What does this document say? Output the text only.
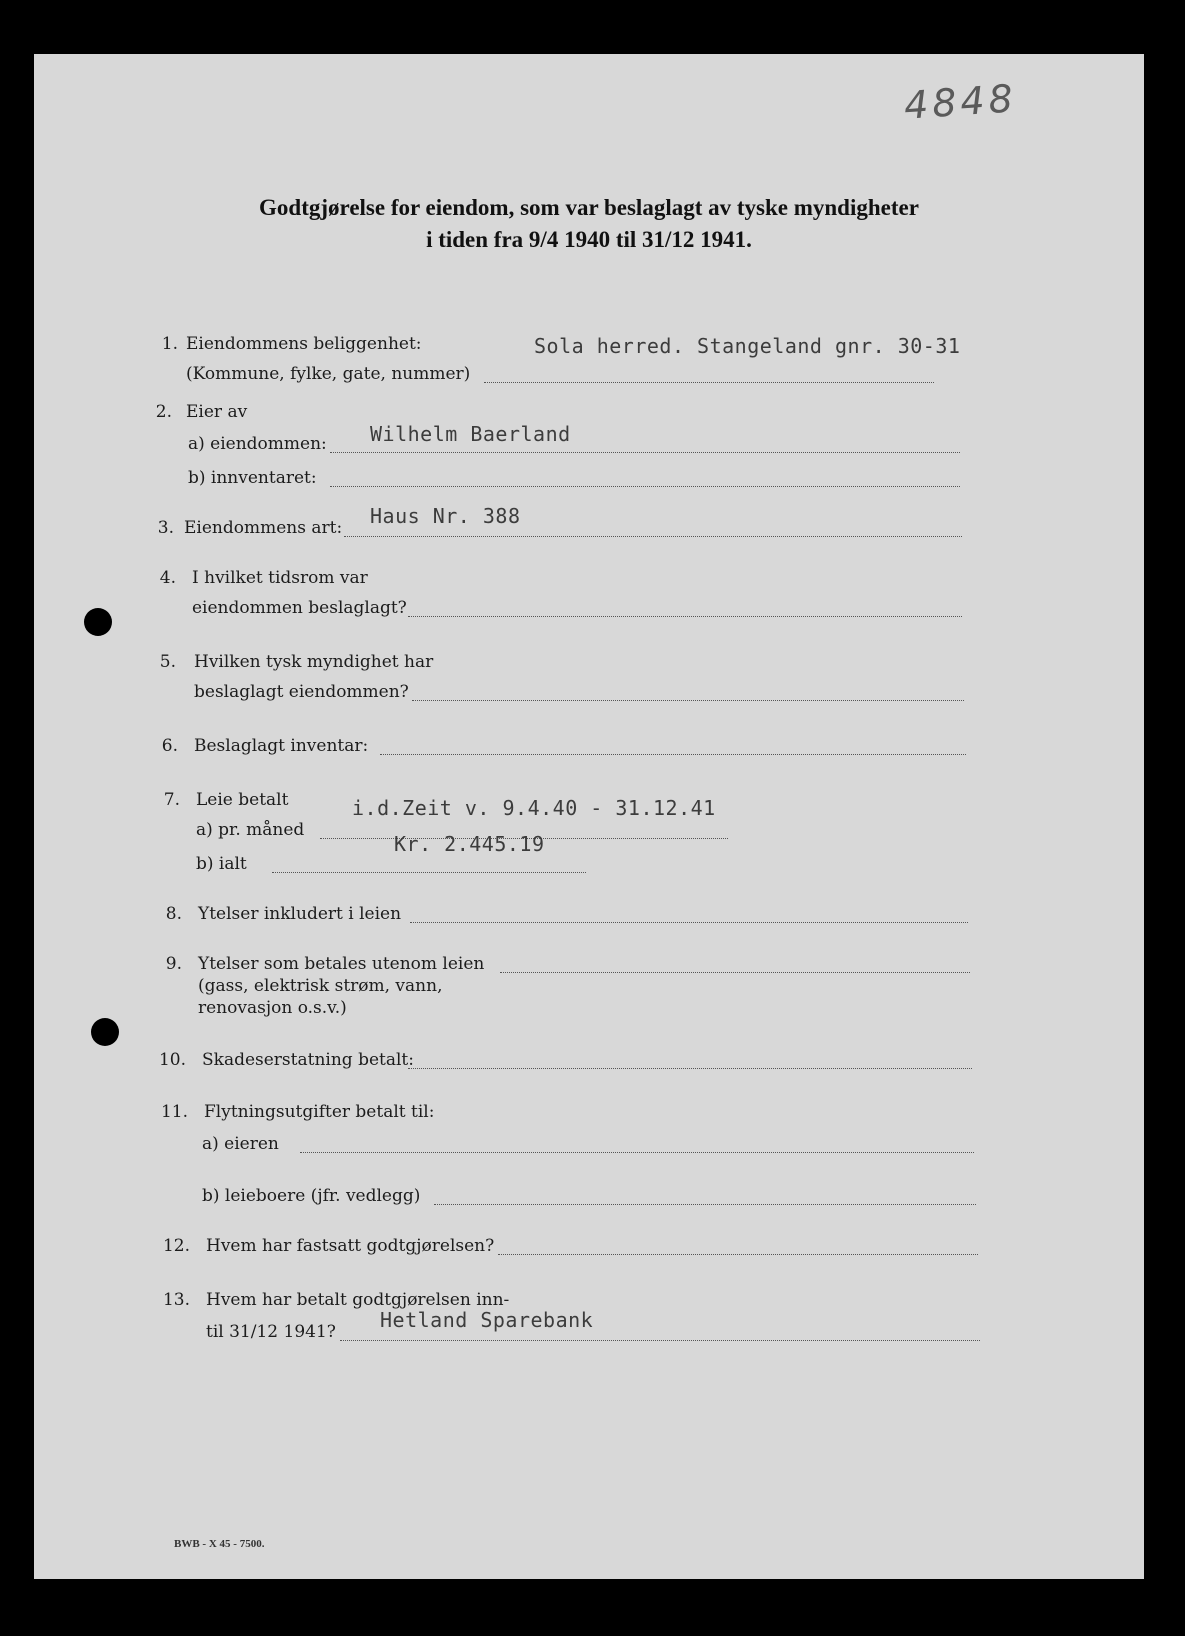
4848
Godtgjørelse for eiendom, som var beslaglagt av tyske myndigheter
i tiden fra 9/4 1940 til 31/12 1941.
1. Eiendommens beliggenhet:
(Kommune, fylke, gate, nummer)
Sola herred. Stangeland gnr. 30-31
2. Eier av
a) eiendommen: Wilhelm Baerland
b) innventaret:
3. Eiendommens art: Haus Nr. 388
4. I hvilket tidsrom var
eiendommen beslaglagt?
5. Hvilken tysk myndighet har
beslaglagt eiendommen?
6. Beslaglagt inventar:
7. Leie betalt
a) pr. måned
i.d.Zeit v. 9.4.40 - 31.12.41
b) ialt
Kr. 2.445.19
8. Ytelser inkludert i leien
9. Ytelser som betales utenom leien
(gass, elektrisk strøm, vann,
renovasjon o.s.v.)
10. Skadeserstatning betalt:
11. Flytningsutgifter betalt til:
a) eieren
b) leieboere (jfr. vedlegg)
12. Hvem har fastsatt godtgjørelsen?
13. Hvem har betalt godtgjørelsen inn-
til 31/12 1941? Hetland Sparebank
BWB - X 45 - 7500.
